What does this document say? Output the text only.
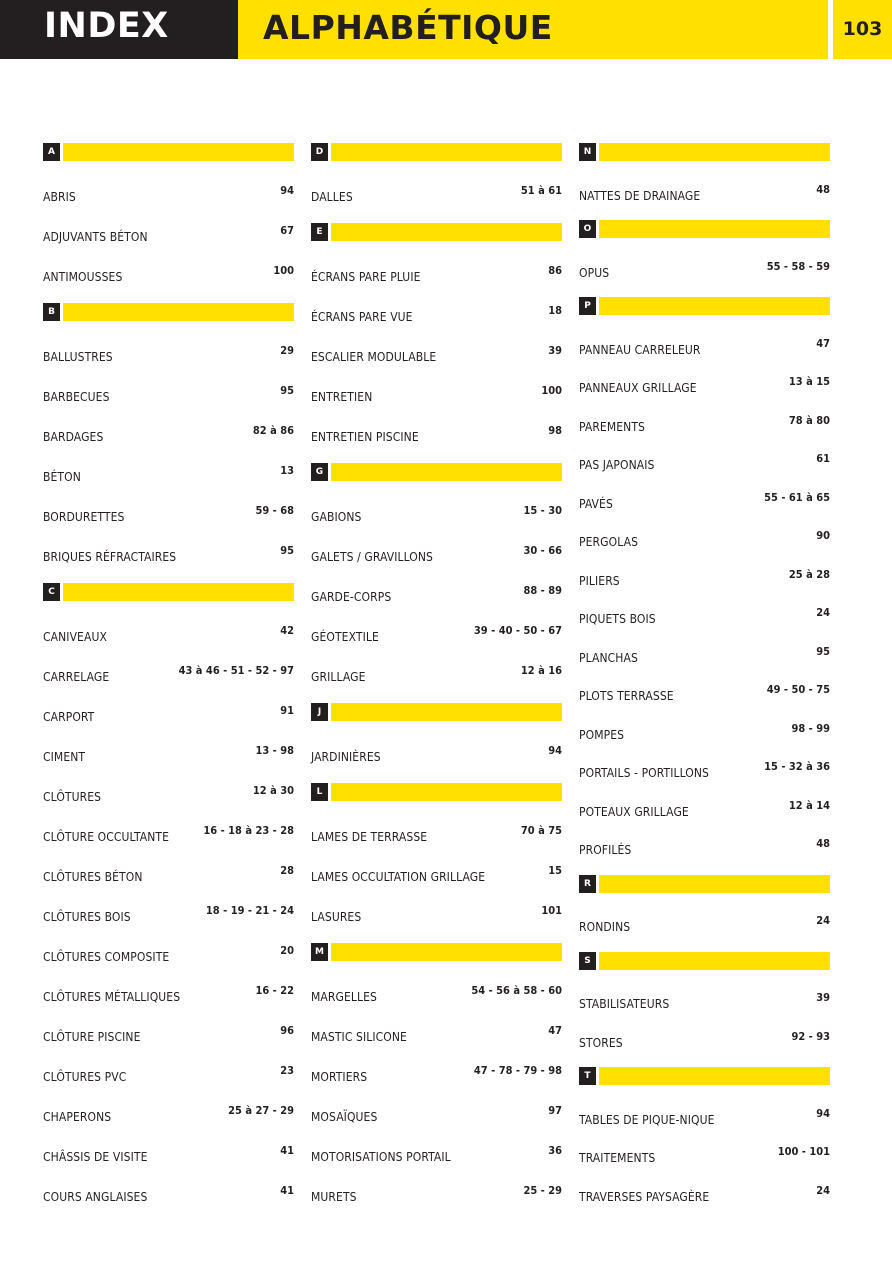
INDEX	ALPHABÉTIQUE	103
A
ABRIS	94
ADJUVANTS BÉTON	67
ANTIMOUSSES	100
B
BALLUSTRES	29
BARBECUES	95
BARDAGES	82 à 86
BÉTON	13
BORDURETTES	59 - 68
BRIQUES RÉFRACTAIRES	95
C
CANIVEAUX	42
CARRELAGE	43 à 46 - 51 - 52 - 97
CARPORT	91
CIMENT	13 - 98
CLÔTURES	12 à 30
CLÔTURE OCCULTANTE	16 - 18 à 23 - 28
CLÔTURES BÉTON	28
CLÔTURES BOIS	18 - 19 - 21 - 24
CLÔTURES COMPOSITE	20
CLÔTURES MÉTALLIQUES	16 - 22
CLÔTURE PISCINE	96
CLÔTURES PVC	23
CHAPERONS	25 à 27 - 29
CHÂSSIS DE VISITE	41
COURS ANGLAISES	41
D
DALLES	51 à 61
E
ÉCRANS PARE PLUIE	86
ÉCRANS PARE VUE	18
ESCALIER MODULABLE	39
ENTRETIEN	100
ENTRETIEN PISCINE	98
G
GABIONS	15 - 30
GALETS / GRAVILLONS	30 - 66
GARDE-CORPS	88 - 89
GÉOTEXTILE	39 - 40 - 50 - 67
GRILLAGE	12 à 16
J
JARDINIÈRES	94
L
LAMES DE TERRASSE	70 à 75
LAMES OCCULTATION GRILLAGE	15
LASURES	101
M
MARGELLES	54 - 56 à 58 - 60
MASTIC SILICONE	47
MORTIERS	47 - 78 - 79 - 98
MOSAÏQUES	97
MOTORISATIONS PORTAIL	36
MURETS	25 - 29
N
NATTES DE DRAINAGE	48
O
OPUS	55 - 58 - 59
P
PANNEAU CARRELEUR	47
PANNEAUX GRILLAGE	13 à 15
PAREMENTS	78 à 80
PAS JAPONAIS	61
PAVÉS	55 - 61 à 65
PERGOLAS	90
PILIERS	25 à 28
PIQUETS BOIS	24
PLANCHAS	95
PLOTS TERRASSE	49 - 50 - 75
POMPES	98 - 99
PORTAILS - PORTILLONS	15 - 32 à 36
POTEAUX GRILLAGE	12 à 14
PROFILÉS	48
R
RONDINS	24
S
STABILISATEURS	39
STORES	92 - 93
T
TABLES DE PIQUE-NIQUE	94
TRAITEMENTS	100 - 101
TRAVERSES PAYSAGÈRE	24
